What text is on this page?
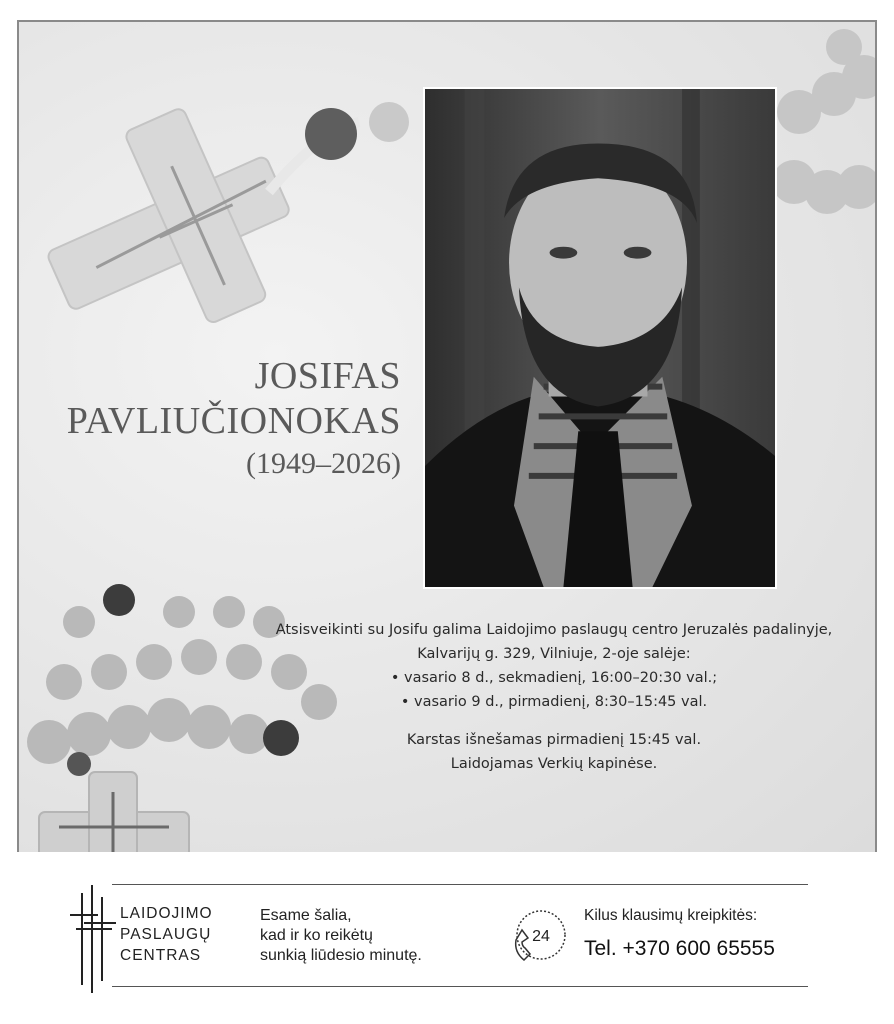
JOSIFAS
PAVLIUČIONOKAS
(1949–2026)
Atsisveikinti su Josifu galima Laidojimo paslaugų centro Jeruzalės padalinyje,
Kalvarijų g. 329, Vilniuje, 2-oje salėje:
• vasario 8 d., sekmadienį, 16:00–20:30 val.;
• vasario 9 d., pirmadienį, 8:30–15:45 val.
Karstas išnešamas pirmadienį 15:45 val.
Laidojamas Verkių kapinėse.
LAIDOJIMO
PASLAUGŲ
CENTRAS
Esame šalia,
kad ir ko reikėtų
sunkią liūdesio minutę.
24
Kilus klausimų kreipkitės:
Tel. +370 600 65555
